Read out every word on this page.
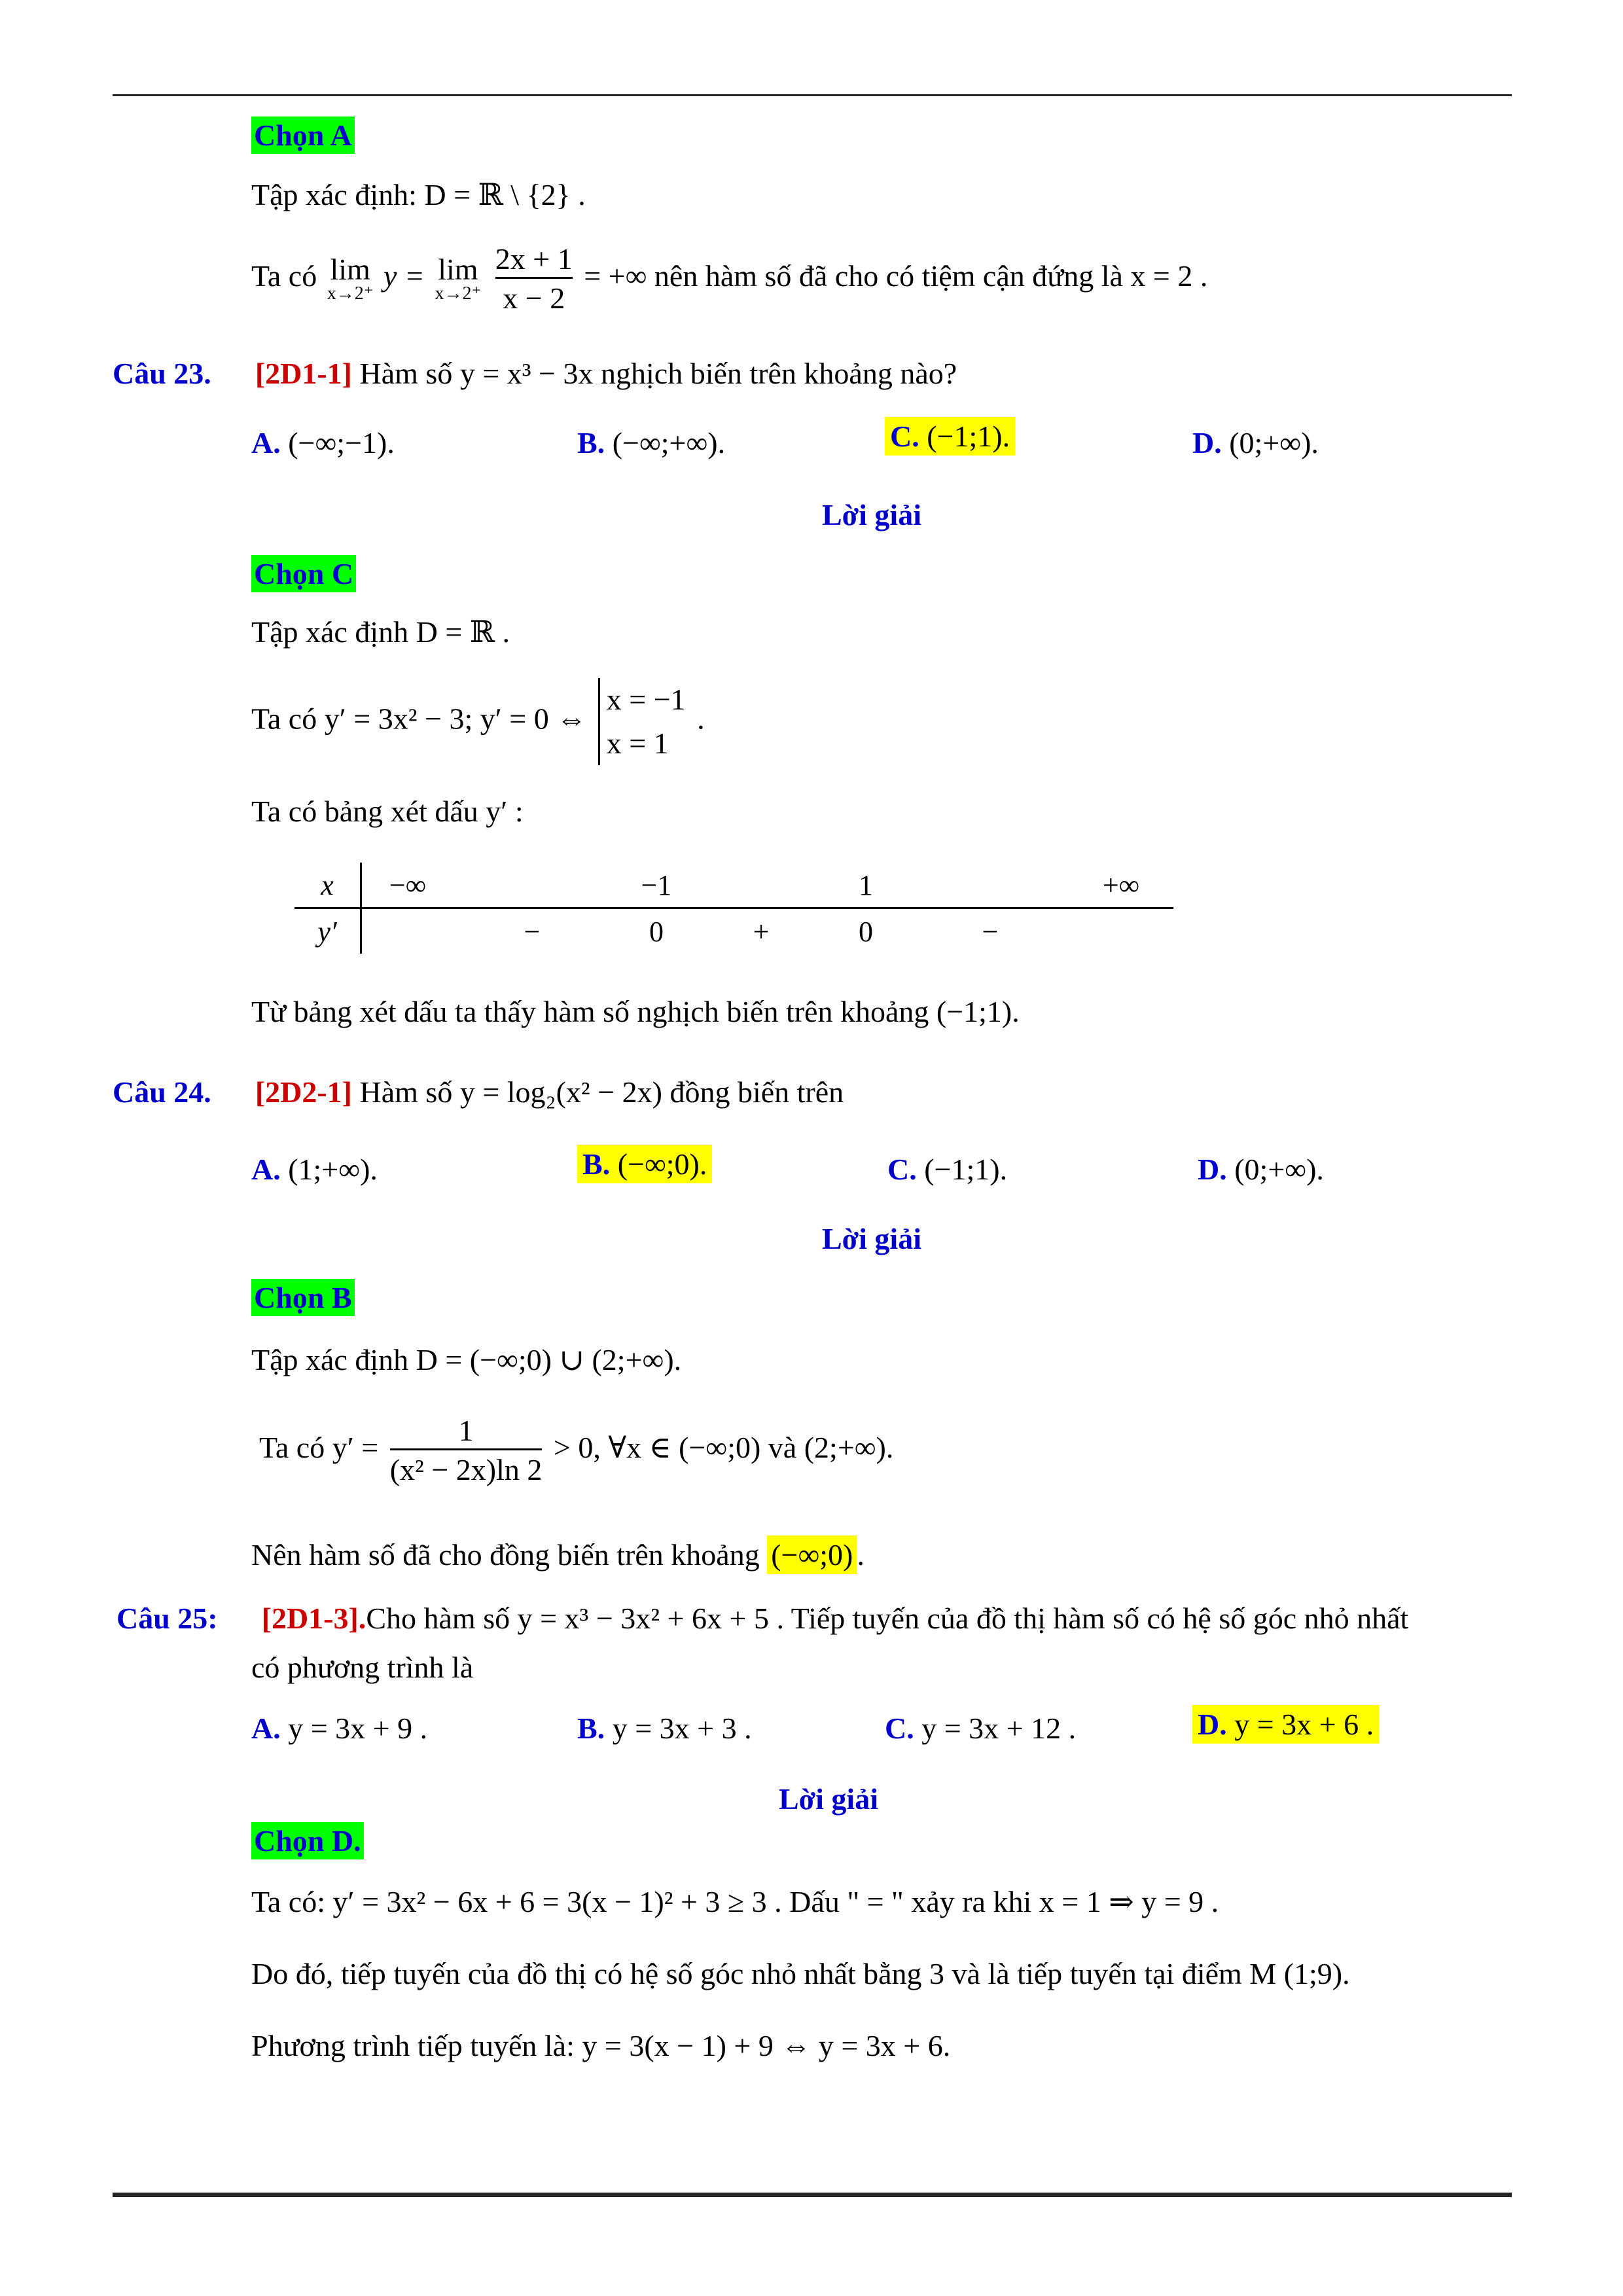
Chọn A
Tập xác định: D = ℝ \ {2} .
Ta có lim
x→2⁺
y = lim
x→2⁺
$\frac{2x + 1}{x - 2}$ = +∞ nên hàm số đã cho có tiệm cận đứng là x = 2 .
Câu 23. [2D1-1] Hàm số y = x³ − 3x nghịch biến trên khoảng nào?
A. (−∞;−1).	B. (−∞;+∞).	C. (−1;1).	D. (0;+∞).
Lời giải
Chọn C
Tập xác định D = ℝ .
Ta có y′ = 3x² − 3; y′ = 0 ⇔
x = −1
x = 1
.
Ta có bảng xét dấu y′ :
x	−∞		−1		1		+∞
y′		−	0	+	0	−	
Từ bảng xét dấu ta thấy hàm số nghịch biến trên khoảng (−1;1).
Câu 24. [2D2-1] Hàm số y = log₂(x² − 2x) đồng biến trên
A. (1;+∞).	B. (−∞;0).	C. (−1;1).	D. (0;+∞).
Lời giải
Chọn B
Tập xác định D = (−∞;0) ∪ (2;+∞).
Ta có $y' = \frac{1}{\text{(x² − 2x)ln 2}} > 0$, ∀x ∈ (−∞;0) và (2;+∞).
Nên hàm số đã cho đồng biến trên khoảng (−∞;0) .
Câu 25: [2D1-3].Cho hàm số y = x³ − 3x² + 6x + 5 . Tiếp tuyến của đồ thị hàm số có hệ số góc nhỏ nhất
có phương trình là
A. y = 3x + 9 .	B. y = 3x + 3 .	C. y = 3x + 12 .	D. y = 3x + 6 .
Lời giải
Chọn D.
Ta có: y′ = 3x² − 6x + 6 = 3(x − 1)² + 3 ≥ 3 . Dấu " = " xảy ra khi x = 1 ⇒ y = 9 .
Do đó, tiếp tuyến của đồ thị có hệ số góc nhỏ nhất bằng 3 và là tiếp tuyến tại điểm M (1;9).
Phương trình tiếp tuyến là: y = 3(x − 1) + 9 ⇔ y = 3x + 6.
